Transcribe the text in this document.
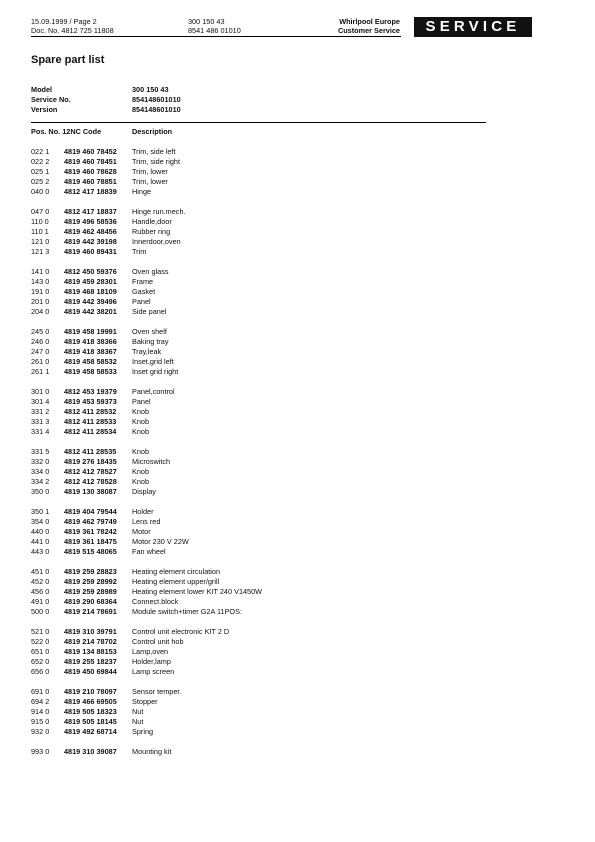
15.09.1999 / Page 2
Doc. No. 4812 725 11808
300 150 43
8541 486 01010
Whirlpool Europe
Customer Service	SERVICE
Spare part list
Model	300 150 43
Service No.	854148601010
Version	854148601010
Pos. No. 12NC Code	Description
022 1	4819 460 78452	Trim, side left
022 2	4819 460 78451	Trim, side right
025 1	4819 460 78628	Trim, lower
025 2	4819 460 78851	Trim, lower
040 0	4812 417 18839	Hinge
047 0	4812 417 18837	Hinge run.mech.
110 0	4819 496 58536	Handle,door
110 1	4819 462 48456	Rubber ring
121 0	4819 442 39198	Innerdoor,oven
121 3	4819 460 89431	Trim
141 0	4812 450 59376	Oven glass
143 0	4819 459 28301	Frame
191 0	4819 468 18109	Gasket
201 0	4819 442 39496	Panel
204 0	4819 442 38201	Side panel
245 0	4819 458 19991	Oven shelf
246 0	4819 418 38366	Baking tray
247 0	4819 418 38367	Tray,leak
261 0	4819 458 58532	Inset,grid left
261 1	4819 458 58533	Inset grid right
301 0	4812 453 19379	Panel,control
301 4	4819 453 59373	Panel
331 2	4812 411 28532	Knob
331 3	4812 411 28533	Knob
331 4	4812 411 28534	Knob
331 5	4812 411 28535	Knob
332 0	4819 276 18435	Microswitch
334 0	4812 412 78527	Knob
334 2	4812 412 78528	Knob
350 0	4819 130 38087	Display
350 1	4819 404 79544	Holder
354 0	4819 462 79749	Lens red
440 0	4819 361 78242	Motor
441 0	4819 361 18475	Motor 230 V 22W
443 0	4819 515 48065	Fan wheel
451 0	4819 259 28823	Heating element circulation
452 0	4819 259 28992	Heating element upper/grill
456 0	4819 259 28989	Heating element lower KIT 240 V1450W
491 0	4819 290 68364	Connect.block
500 0	4819 214 78691	Module switch+timer G2A 11POS:
521 0	4819 310 39791	Control unit electronic KIT 2 D
522 0	4819 214 78702	Control unit hob
651 0	4819 134 88153	Lamp,oven
652 0	4819 255 18237	Holder,lamp
656 0	4819 450 69844	Lamp screen
691 0	4819 210 78097	Sensor temper.
694 2	4819 466 69505	Stopper
914 0	4819 505 18323	Nut
915 0	4819 505 18145	Nut
932 0	4819 492 68714	Spring
993 0	4819 310 39087	Mounting kit
